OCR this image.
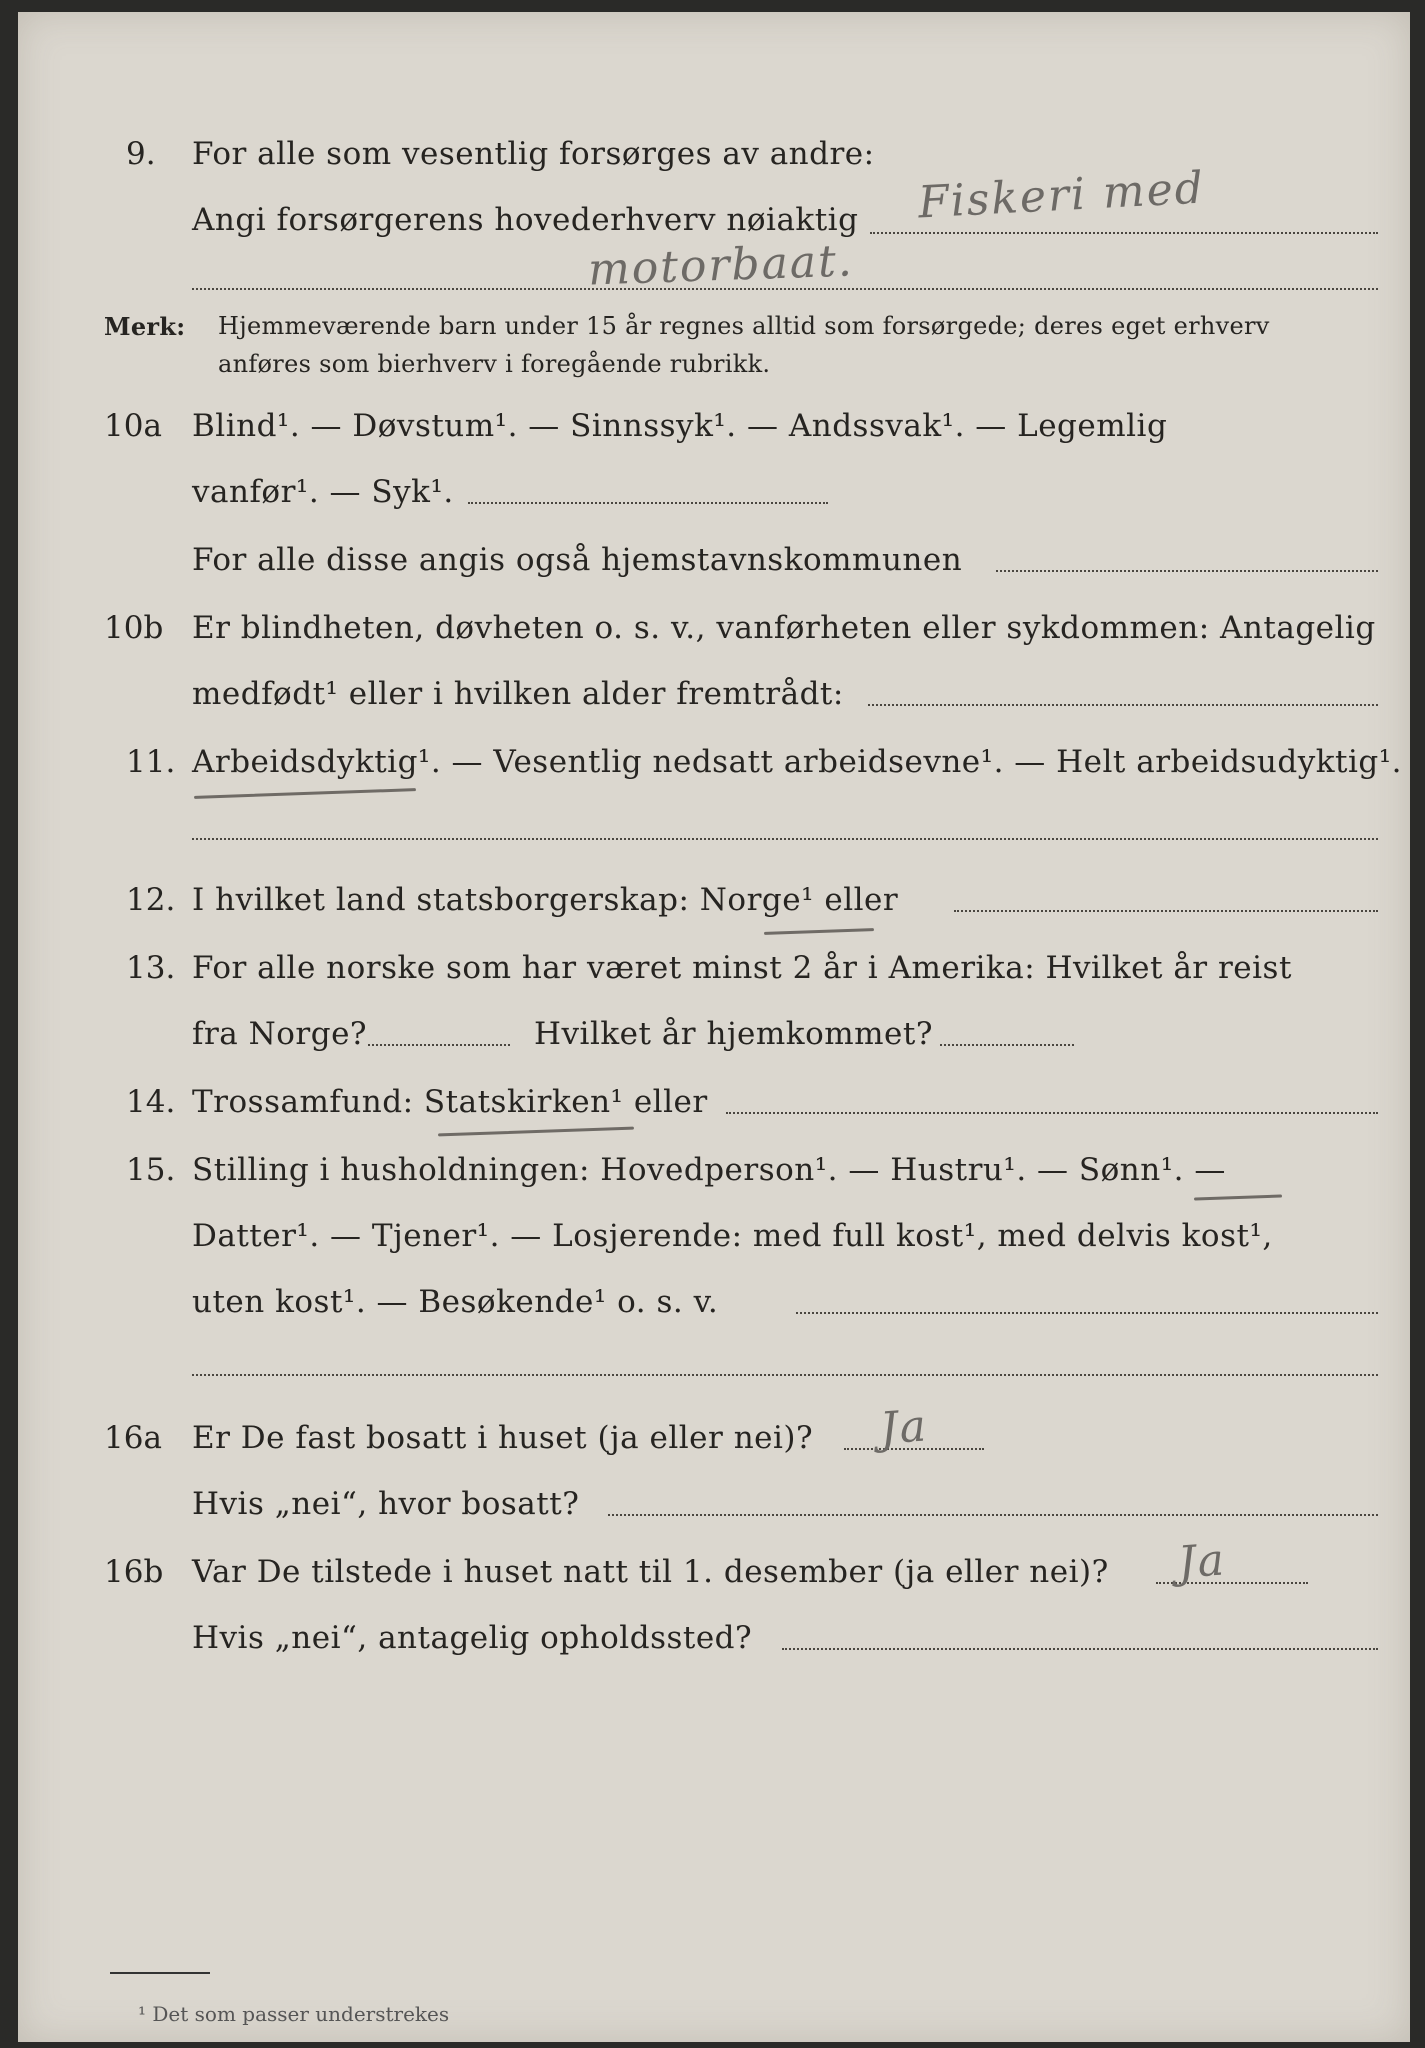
9. For alle som vesentlig forsørges av andre:
Angi forsørgerens hovederhverv nøiaktig Fiskeri med
motorbaat.
Merk: Hjemmeværende barn under 15 år regnes alltid som forsørgede; deres eget erhverv
anføres som bierhverv i foregående rubrikk.
10a Blind¹. — Døvstum¹. — Sinnssyk¹. — Andssvak¹. — Legemlig
vanfør¹. — Syk¹.
For alle disse angis også hjemstavnskommunen
10b Er blindheten, døvheten o. s. v., vanførheten eller sykdommen: Antagelig
medfødt¹ eller i hvilken alder fremtrådt:
11. Arbeidsdyktig¹. — Vesentlig nedsatt arbeidsevne¹. — Helt arbeidsudyktig¹.
12. I hvilket land statsborgerskap: Norge¹ eller
13. For alle norske som har været minst 2 år i Amerika: Hvilket år reist
fra Norge?	Hvilket år hjemkommet?
14. Trossamfund: Statskirken¹ eller
15. Stilling i husholdningen: Hovedperson¹. — Hustru¹. — Sønn¹. —
Datter¹. — Tjener¹. — Losjerende: med full kost¹, med delvis kost¹,
uten kost¹. — Besøkende¹ o. s. v.
16a Er De fast bosatt i huset (ja eller nei)? Ja
Hvis „nei“, hvor bosatt?
16b Var De tilstede i huset natt til 1. desember (ja eller nei)? Ja
Hvis „nei“, antagelig opholdssted?
¹ Det som passer understrekes
